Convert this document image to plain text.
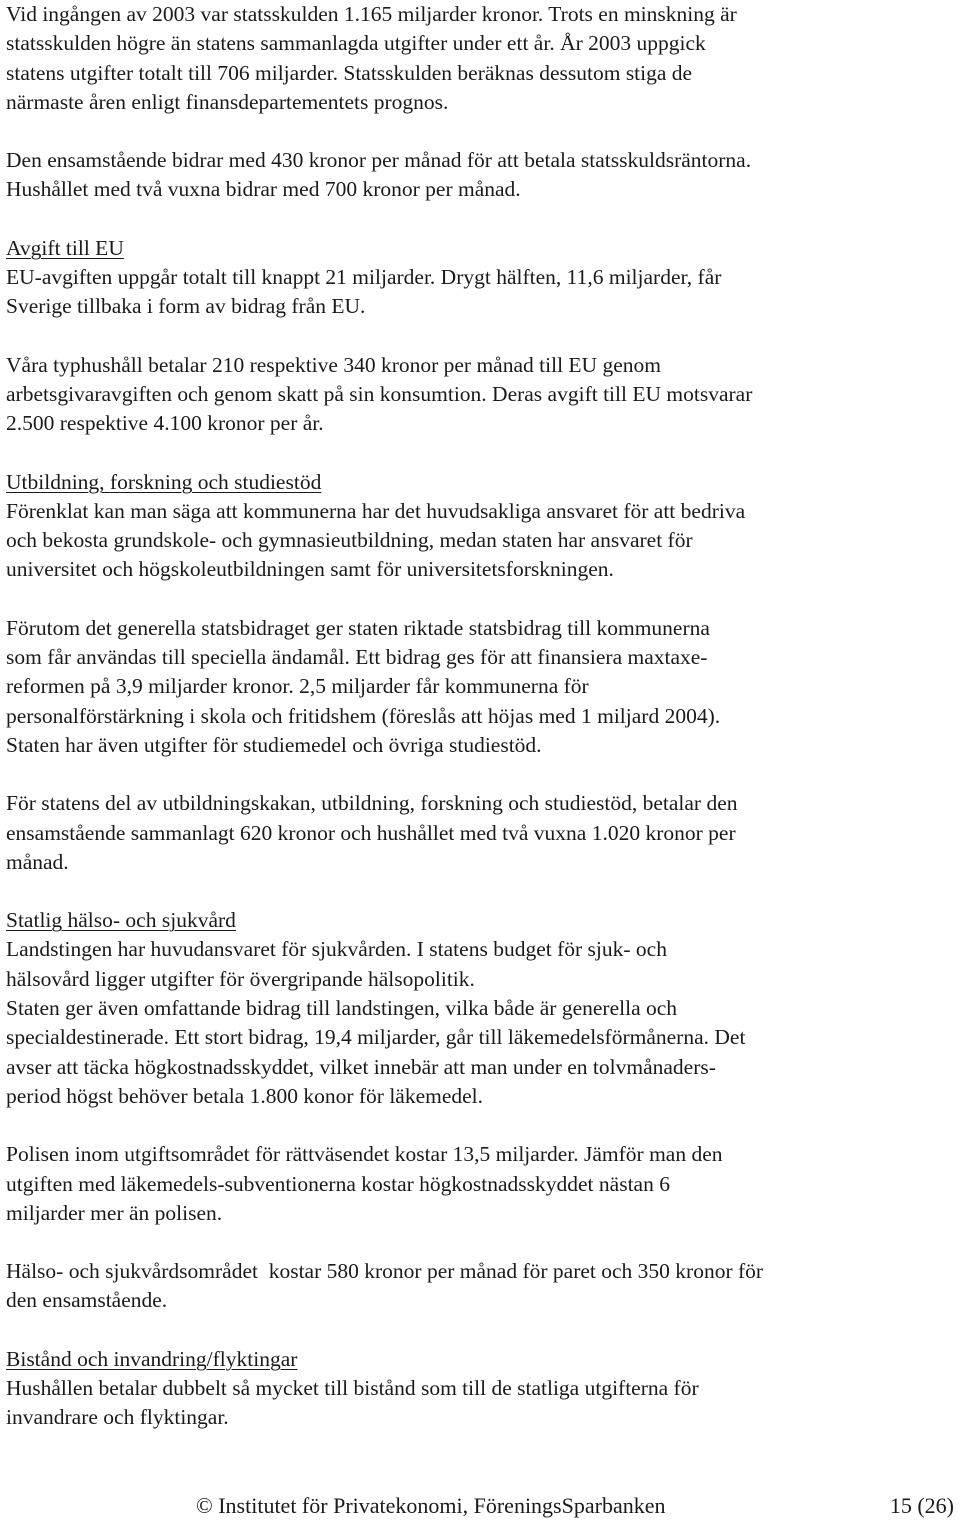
Vid ingången av 2003 var statsskulden 1.165 miljarder kronor. Trots en minskning är
statsskulden högre än statens sammanlagda utgifter under ett år. År 2003 uppgick
statens utgifter totalt till 706 miljarder. Statsskulden beräknas dessutom stiga de
närmaste åren enligt finansdepartementets prognos.
Den ensamstående bidrar med 430 kronor per månad för att betala statsskuldsräntorna.
Hushållet med två vuxna bidrar med 700 kronor per månad.
Avgift till EU
EU-avgiften uppgår totalt till knappt 21 miljarder. Drygt hälften, 11,6 miljarder, får
Sverige tillbaka i form av bidrag från EU.
Våra typhushåll betalar 210 respektive 340 kronor per månad till EU genom
arbetsgivaravgiften och genom skatt på sin konsumtion. Deras avgift till EU motsvarar
2.500 respektive 4.100 kronor per år.
Utbildning, forskning och studiestöd
Förenklat kan man säga att kommunerna har det huvudsakliga ansvaret för att bedriva
och bekosta grundskole- och gymnasieutbildning, medan staten har ansvaret för
universitet och högskoleutbildningen samt för universitetsforskningen.
Förutom det generella statsbidraget ger staten riktade statsbidrag till kommunerna
som får användas till speciella ändamål. Ett bidrag ges för att finansiera maxtaxe-
reformen på 3,9 miljarder kronor. 2,5 miljarder får kommunerna för
personalförstärkning i skola och fritidshem (föreslås att höjas med 1 miljard 2004).
Staten har även utgifter för studiemedel och övriga studiestöd.
För statens del av utbildningskakan, utbildning, forskning och studiestöd, betalar den
ensamstående sammanlagt 620 kronor och hushållet med två vuxna 1.020 kronor per
månad.
Statlig hälso- och sjukvård
Landstingen har huvudansvaret för sjukvården. I statens budget för sjuk- och
hälsovård ligger utgifter för övergripande hälsopolitik.
Staten ger även omfattande bidrag till landstingen, vilka både är generella och
specialdestinerade. Ett stort bidrag, 19,4 miljarder, går till läkemedelsförmånerna. Det
avser att täcka högkostnadsskyddet, vilket innebär att man under en tolvmånaders-
period högst behöver betala 1.800 konor för läkemedel.
Polisen inom utgiftsområdet för rättväsendet kostar 13,5 miljarder. Jämför man den
utgiften med läkemedels-subventionerna kostar högkostnadsskyddet nästan 6
miljarder mer än polisen.
Hälso- och sjukvårdsområdet  kostar 580 kronor per månad för paret och 350 kronor för
den ensamstående.
Bistånd och invandring/flyktingar
Hushållen betalar dubbelt så mycket till bistånd som till de statliga utgifterna för
invandrare och flyktingar.
© Institutet för Privatekonomi, FöreningsSparbanken	15 (26)
